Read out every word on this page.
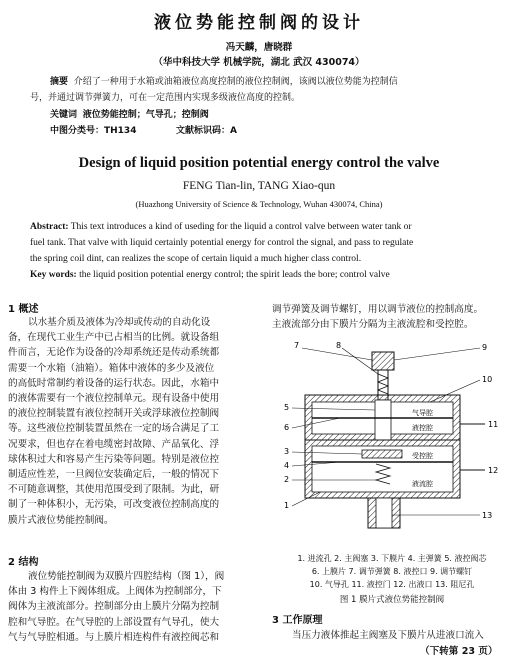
液位势能控制阀的设计
冯天麟，唐晓群
（华中科技大学 机械学院，湖北 武汉 430074）
摘要 介绍了一种用于水箱或油箱液位高度控制的液位控制阀，该阀以液位势能为控制信
号，并通过调节弹簧力，可在一定范围内实现多级液位高度的控制。
关键词 液位势能控制；气导孔；控制阀
中图分类号：TH134	文献标识码：A
Design of liquid position potential energy control the valve
FENG Tian-lin, TANG Xiao-qun
(Huazhong University of Science & Technology, Wuhan 430074, China)
Abstract: This text introduces a kind of useding for the liquid a control valve between water tank or
fuel tank. That valve with liquid certainly potential energy for control the signal, and pass to regulate
the spring coil dint, can realizes the scope of certain liquid a much higher class control.
Key words: the liquid position potential energy control; the spirit leads the bore; control valve
1 概述
以水基介质及液体为冷却或传动的自动化设
备，在现代工业生产中已占相当的比例。就设备组
件而言，无论作为设备的冷却系统还是传动系统都
需要一个水箱（油箱）。箱体中液体的多少及液位
的高低时常制约着设备的运行状态。因此，水箱中
的液体需要有一个液位控制单元。现有设备中使用
的液位控制装置有液位控制开关或浮球液位控制阀
等。这些液位控制装置虽然在一定的场合满足了工
况要求，但也存在着电缆密封故障、产品氧化、浮
球体积过大和容易产生污染等问题。特别是液位控
制适应性差，一旦阀位安装确定后，一般的情况下
不可随意调整，其使用范围受到了限制。为此，研
制了一种体积小，无污染，可改变液位控制高度的
膜片式液位势能控制阀。
2 结构
液位势能控制阀为双膜片四腔结构（图 1），阀
体由 3 构件上下阀体组成。上阀体为控制部分，下
阀体为主液流部分。控制部分由上膜片分隔为控制
腔和气导腔。在气导腔的上部设置有气导孔，使大
气与气导腔相通。与上膜片相连构件有液控阀芯和
调节弹簧及调节螺钉，用以调节液位的控制高度。
主液流部分由下膜片分隔为主液流腔和受控腔。
7	8	9
10
5
6	11
3
4
12
2
1
13
气导腔
液控腔
受控腔
液流腔
1. 进流孔 2. 主阀塞 3. 下膜片 4. 主弹簧 5. 液控阀芯
6. 上膜片 7. 调节弹簧 8. 液控口 9. 调节螺钉
10. 气导孔 11. 液控门 12. 出液口 13. 阻尼孔
图 1 膜片式液位势能控制阀
3 工作原理
当压力液体推起主阀塞及下膜片从进液口流入
（下转第 23 页）
